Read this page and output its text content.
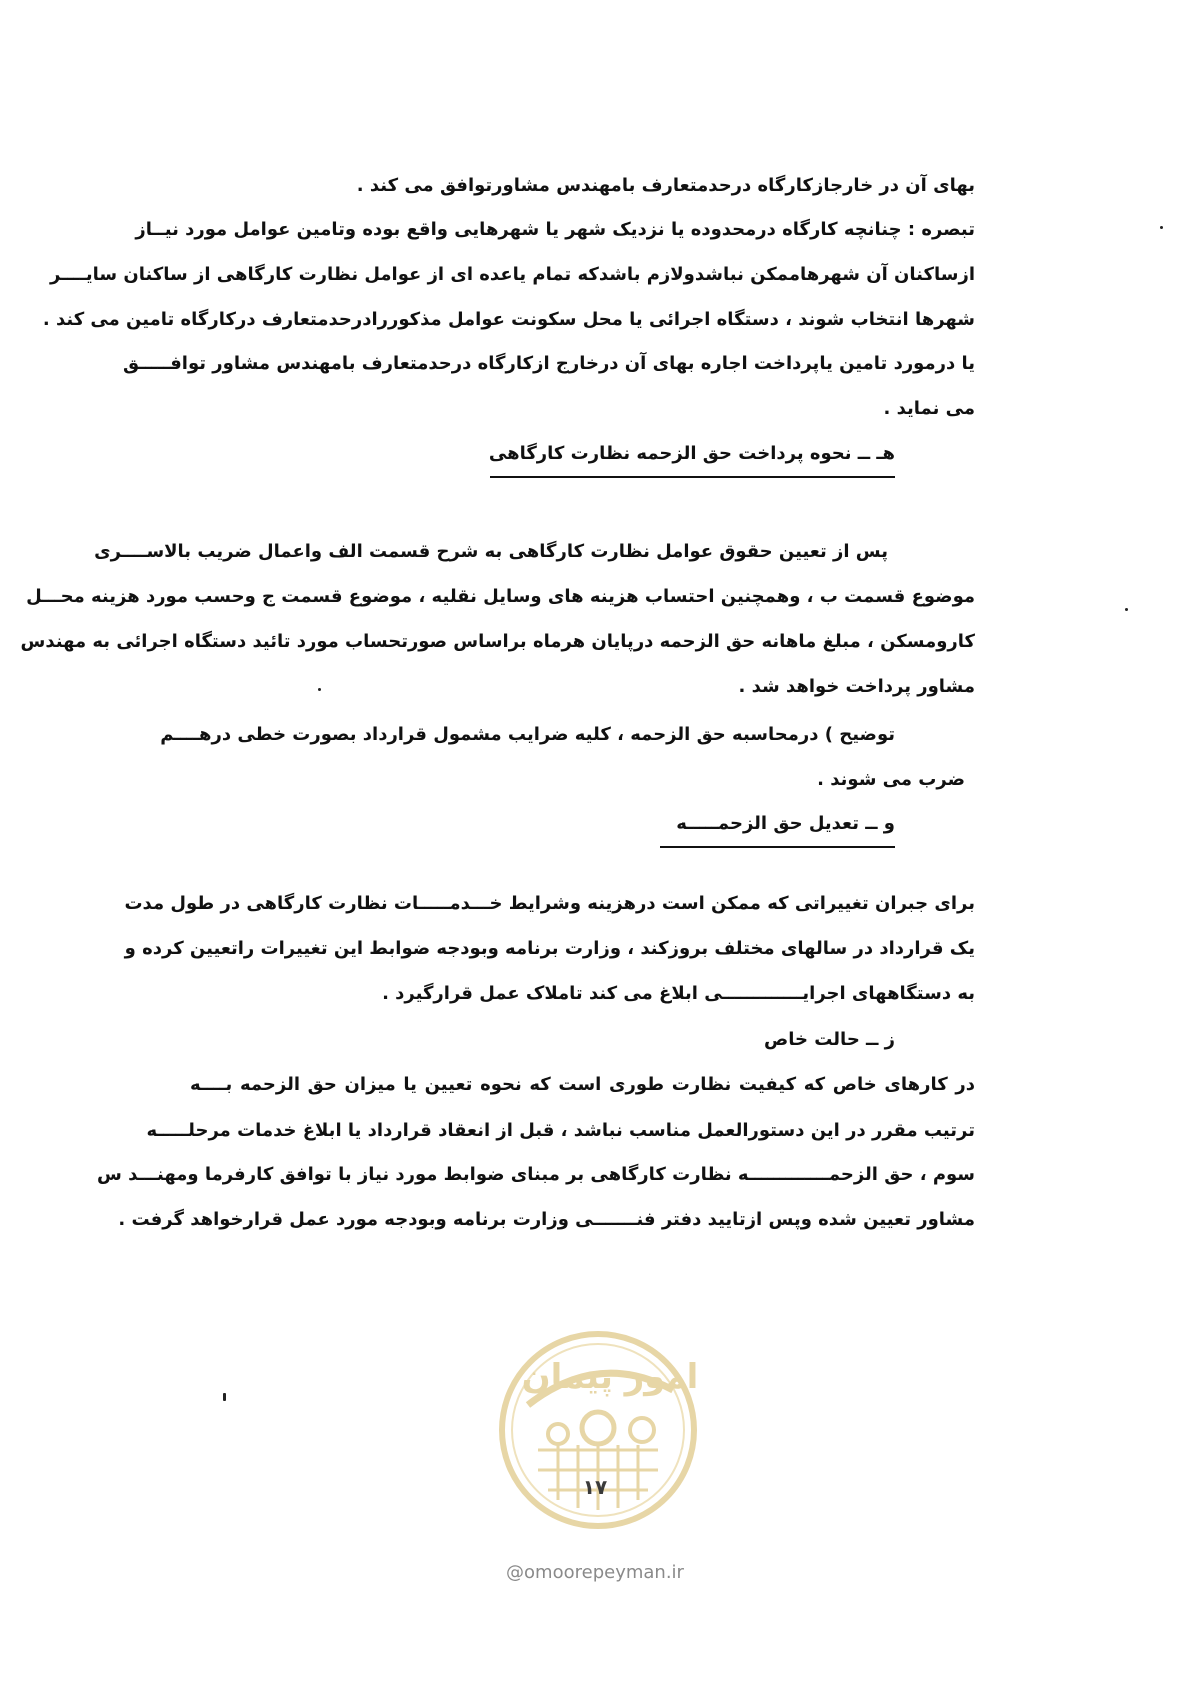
بهای آن در خارجازکارگاه درحدمتعارف بامهندس مشاورتوافق می کند .
تبصره : چنانچه کارگاه درمحدوده یا نزدیک شهر یا شهرهایی واقع بوده وتامین عوامل مورد نیــاز
ازساکنان آن شهرهاممکن نباشدولازم باشدکه تمام یاعده ای از عوامل نظارت کارگاهی از ساکنان سایــــر
شهرها انتخاب شوند ، دستگاه اجرائی یا محل سکونت عوامل مذکوررادرحدمتعارف درکارگاه تامین می کند .
یا درمورد تامین یاپرداخت اجاره بهای آن درخارج ازکارگاه درحدمتعارف بامهندس مشاور توافـــــق
می نماید .
هـ ــ نحوه پرداخت حق الزحمه نظارت کارگاهی
پس از تعیین حقوق عوامل نظارت کارگاهی به شرح قسمت الف واعمال ضریب بالاســــری
موضوع قسمت ب ، وهمچنین احتساب هزینه های وسایل نقلیه ، موضوع قسمت ج وحسب مورد هزینه محـــل
کارومسکن ، مبلغ ماهانه حق الزحمه درپایان هرماه براساس صورتحساب مورد تائید دستگاه اجرائی به مهندس
مشاور پرداخت خواهد شد .
توضیح ) درمحاسبه حق الزحمه ، کلیه ضرایب مشمول قرارداد بصورت خطی درهــــم
ضرب می شوند .
و ــ تعدیل حق الزحمـــــه
برای جبران تغییراتی که ممکن است درهزینه وشرایط خـــدمـــــات نظارت کارگاهی در طول مدت
یک قرارداد در سالهای مختلف بروزکند ، وزارت برنامه وبودجه ضوابط این تغییرات راتعیین کرده و
به دستگاههای اجرایـــــــــــــی ابلاغ می کند تاملاک عمل قرارگیرد .
ز ــ حالت خاص
در کارهای خاص که کیفیت نظارت طوری است که نحوه تعیین یا میزان حق الزحمه بــــه
ترتیب مقرر در این دستورالعمل مناسب نباشد ، قبل از انعقاد قرارداد یا ابلاغ خدمات مرحلـــــه
سوم ، حق الزحمـــــــــــــه نظارت کارگاهی بر مبنای ضوابط مورد نیاز با توافق کارفرما ومهنـــد س
مشاور تعیین شده وپس ازتایید دفتر فنـــــــی وزارت برنامه وبودجه مورد عمل قرارخواهد گرفت .
امور پیمان
١٧
@omoorepeyman.ir
